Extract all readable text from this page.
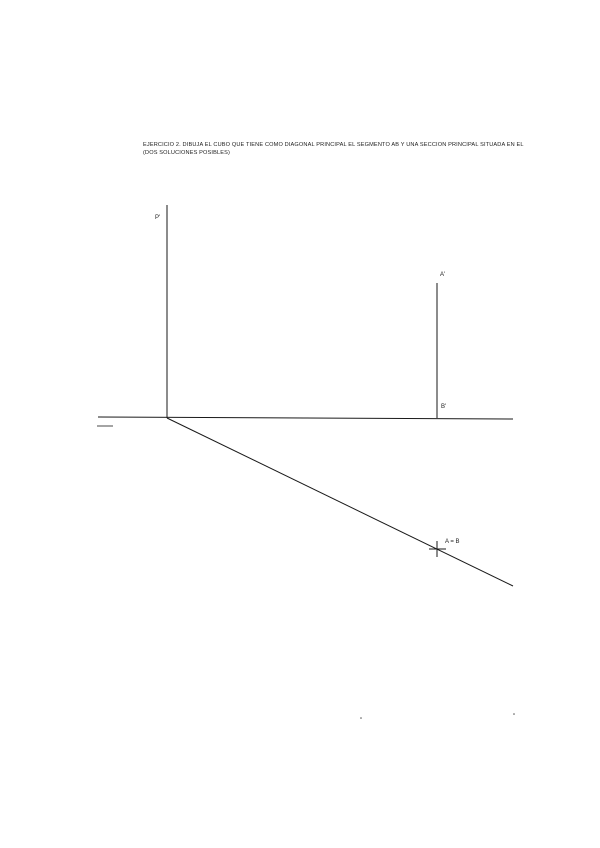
EJERCICIO 2. DIBUJA EL CUBO QUE TIENE COMO DIAGONAL PRINCIPAL EL SEGMENTO AB Y UNA SECCION PRINCIPAL SITUADA EN EL
(DOS SOLUCIONES POSIBLES)
P'
A'
B'
A = B
